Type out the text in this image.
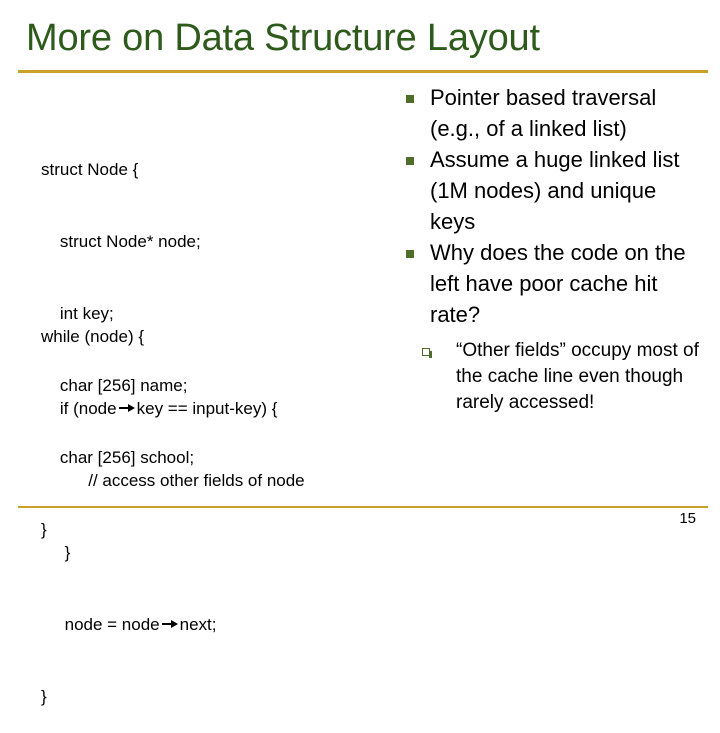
More on Data Structure Layout

struct Node {

struct Node* node;

int key;

char [256] name;

char [256] school;

}

while (node) {

if (node key == input-key) {

// access other fields of node

}

node = node next;

}

Pointer based traversal (e.g., of a linked list)

Assume a huge linked list (1M nodes) and unique keys

Why does the code on the left have poor cache hit rate?

“Other fields” occupy most of the cache line even though rarely accessed!

15
